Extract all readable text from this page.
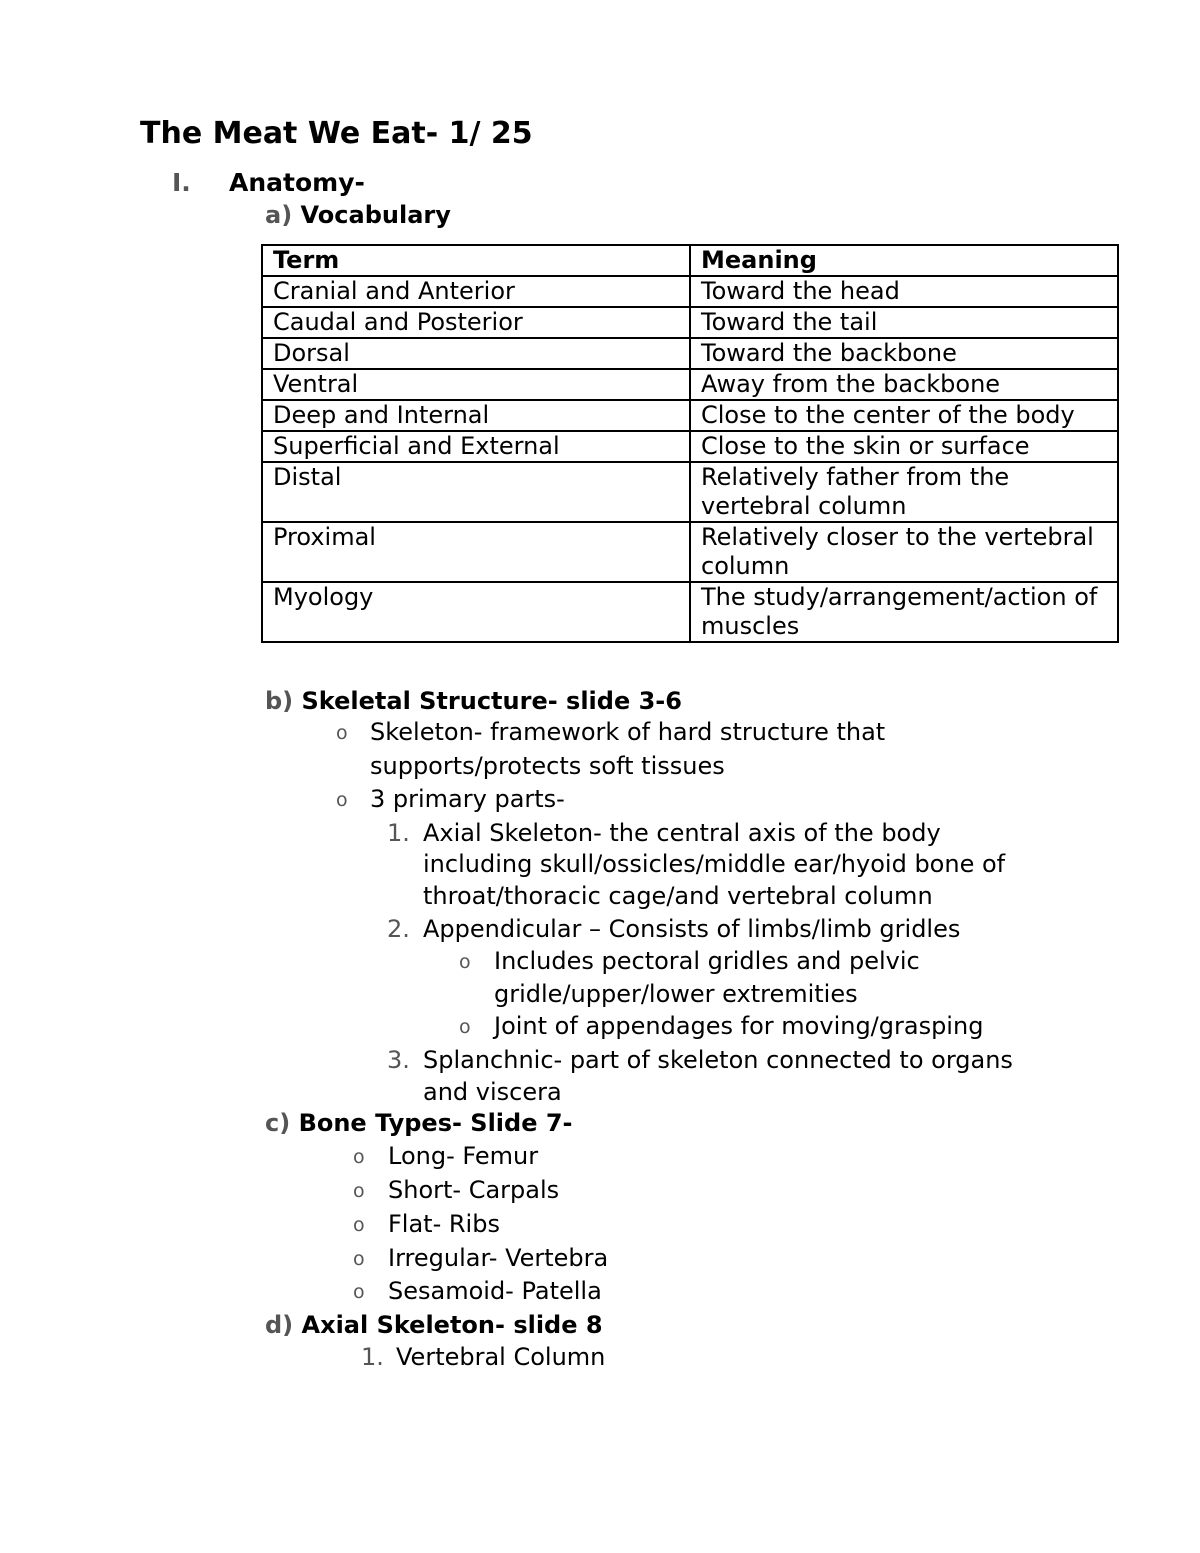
The Meat We Eat- 1/ 25
I. Anatomy-
a) Vocabulary
Term	Meaning
Cranial and Anterior	Toward the head
Caudal and Posterior	Toward the tail
Dorsal	Toward the backbone
Ventral	Away from the backbone
Deep and Internal	Close to the center of the body
Superficial and External	Close to the skin or surface
Distal	Relatively father from the vertebral column
Proximal	Relatively closer to the vertebral column
Myology	The study/arrangement/action of muscles
b) Skeletal Structure- slide 3-6
o Skeleton- framework of hard structure that
supports/protects soft tissues
o 3 primary parts-
1. Axial Skeleton- the central axis of the body
including skull/ossicles/middle ear/hyoid bone of
throat/thoracic cage/and vertebral column
2. Appendicular – Consists of limbs/limb gridles
o Includes pectoral gridles and pelvic
gridle/upper/lower extremities
o Joint of appendages for moving/grasping
3. Splanchnic- part of skeleton connected to organs
and viscera
c) Bone Types- Slide 7-
o Long- Femur
o Short- Carpals
o Flat- Ribs
o Irregular- Vertebra
o Sesamoid- Patella
d) Axial Skeleton- slide 8
1. Vertebral Column
